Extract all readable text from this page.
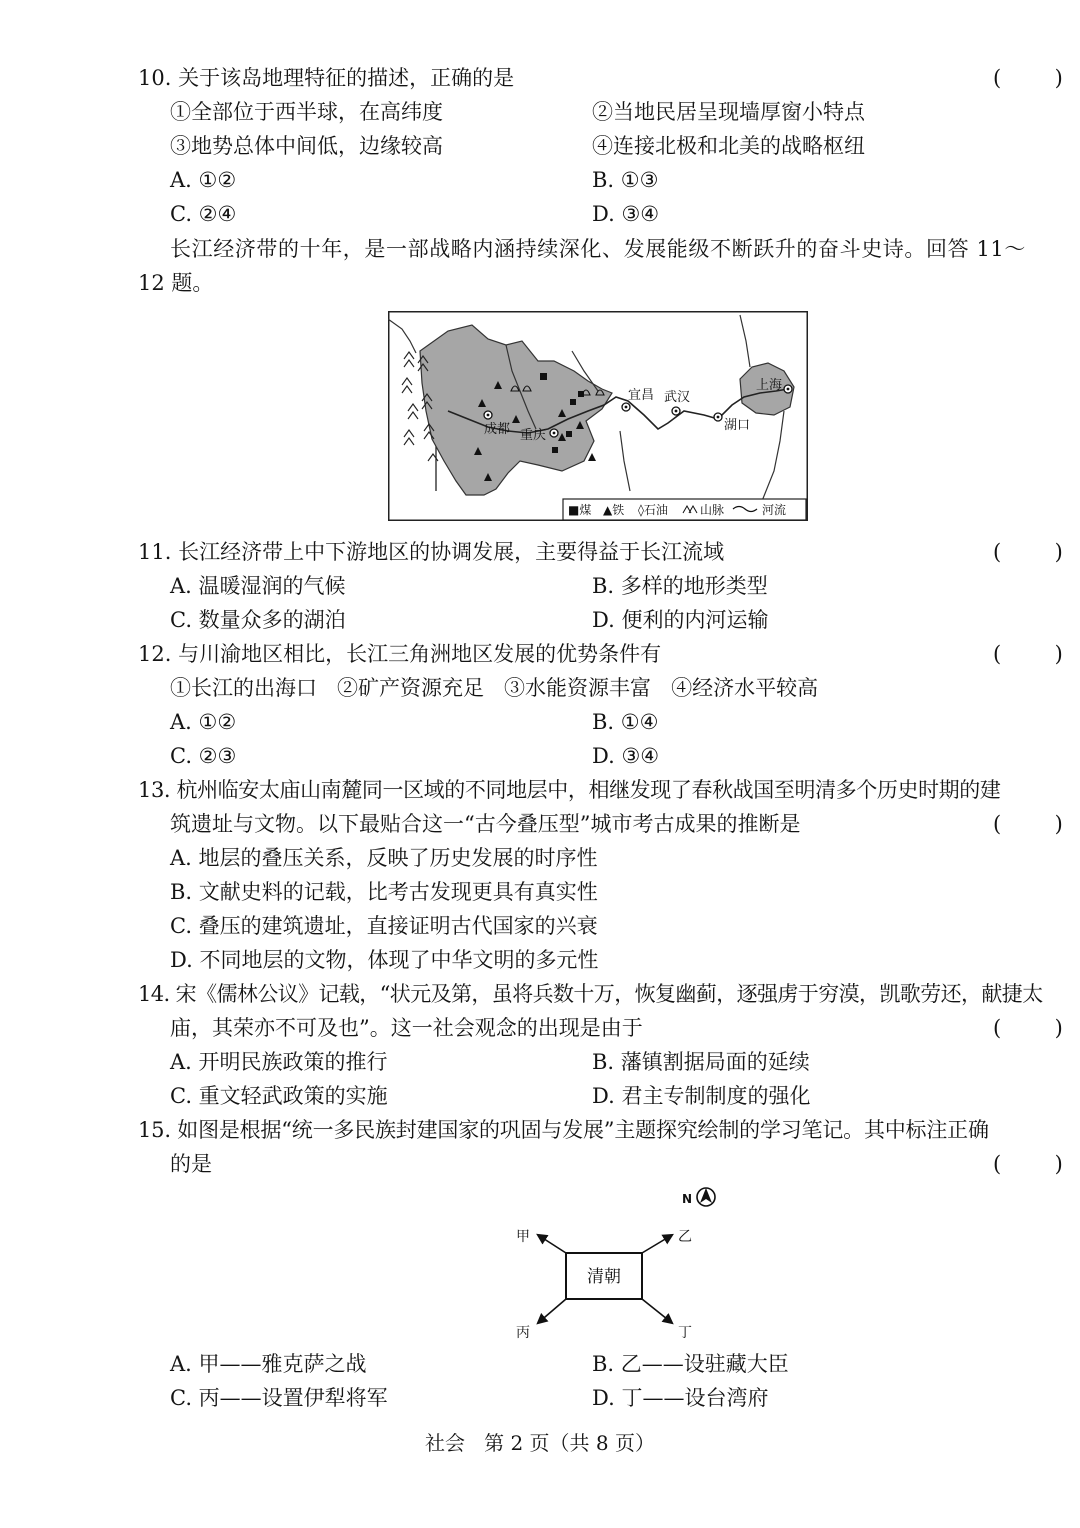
10. 关于该岛地理特征的描述，正确的是	(        )
①全部位于西半球，在高纬度	②当地民居呈现墙厚窗小特点
③地势总体中间低，边缘较高	④连接北极和北美的战略枢纽
A. ①②	B. ①③
C. ②④	D. ③④
长江经济带的十年，是一部战略内涵持续深化、发展能级不断跃升的奋斗史诗。回答 11～
12 题。
上海
宜昌 武汉
湖口
成都 重庆
■煤 ▲铁 ◊石油	山脉	河流
11. 长江经济带上中下游地区的协调发展，主要得益于长江流域	(        )
A. 温暖湿润的气候	B. 多样的地形类型
C. 数量众多的湖泊	D. 便利的内河运输
12. 与川渝地区相比，长江三角洲地区发展的优势条件有	(        )
①长江的出海口   ②矿产资源充足   ③水能资源丰富   ④经济水平较高
A. ①②	B. ①④
C. ②③	D. ③④
13. 杭州临安太庙山南麓同一区域的不同地层中，相继发现了春秋战国至明清多个历史时期的建
筑遗址与文物。以下最贴合这一“古今叠压型”城市考古成果的推断是	(        )
A. 地层的叠压关系，反映了历史发展的时序性
B. 文献史料的记载，比考古发现更具有真实性
C. 叠压的建筑遗址，直接证明古代国家的兴衰
D. 不同地层的文物，体现了中华文明的多元性
14. 宋《儒林公议》记载，“状元及第，虽将兵数十万，恢复幽蓟，逐强虏于穷漠，凯歌劳还，献捷太
庙，其荣亦不可及也”。这一社会观念的出现是由于	(        )
A. 开明民族政策的推行	B. 藩镇割据局面的延续
C. 重文轻武政策的实施	D. 君主专制制度的强化
15. 如图是根据“统一多民族封建国家的巩固与发展”主题探究绘制的学习笔记。其中标注正确
的是	(        )
清朝
甲	乙
丙	丁
N
A. 甲——雅克萨之战	B. 乙——设驻藏大臣
C. 丙——设置伊犁将军	D. 丁——设台湾府
社会   第 2 页（共 8 页）
